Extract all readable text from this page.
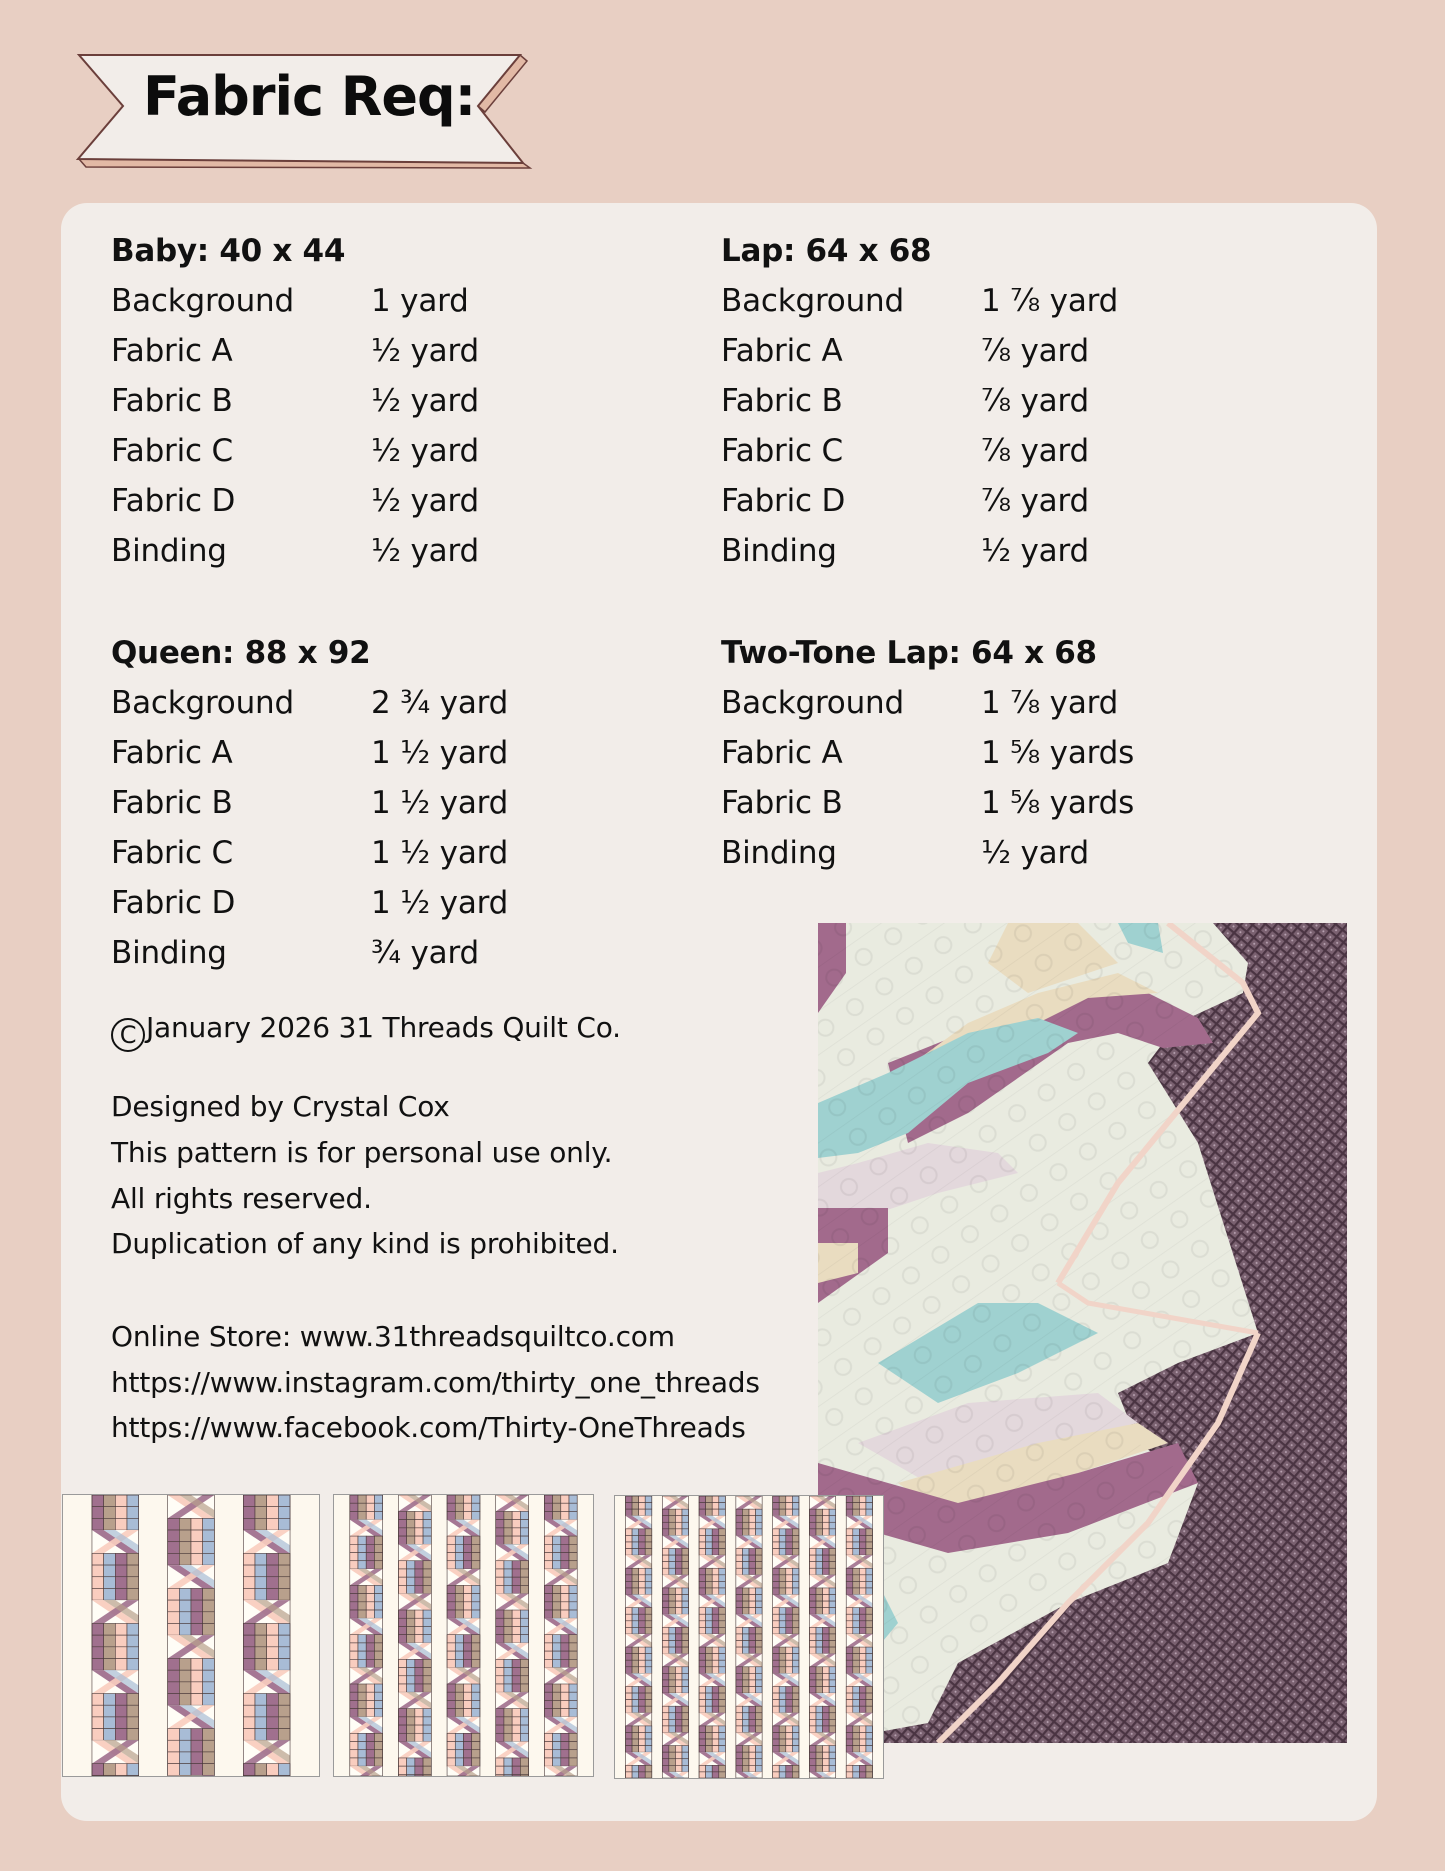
Fabric Req:
Baby: 40 x 44
Background 1 yard
Fabric A	½ yard
Fabric B	½ yard
Fabric C	½ yard
Fabric D	½ yard
Binding	½ yard
Lap: 64 x 68
Background 1 ⅞ yard
Fabric A	⅞ yard
Fabric B	⅞ yard
Fabric C	⅞ yard
Fabric D	⅞ yard
Binding	½ yard
Queen: 88 x 92
Background 2 ¾ yard
Fabric A	1 ½ yard
Fabric B	1 ½ yard
Fabric C	1 ½ yard
Fabric D	1 ½ yard
Binding	¾ yard
Two-Tone Lap: 64 x 68
Background 1 ⅞ yard
Fabric A	1 ⅝ yards
Fabric B	1 ⅝ yards
Binding	½ yard
C January 2026 31 Threads Quilt Co.
Designed by Crystal Cox
This pattern is for personal use only.
All rights reserved.
Duplication of any kind is prohibited.
Online Store: www.31threadsquiltco.com
https://www.instagram.com/thirty_one_threads
https://www.facebook.com/Thirty-OneThreads
